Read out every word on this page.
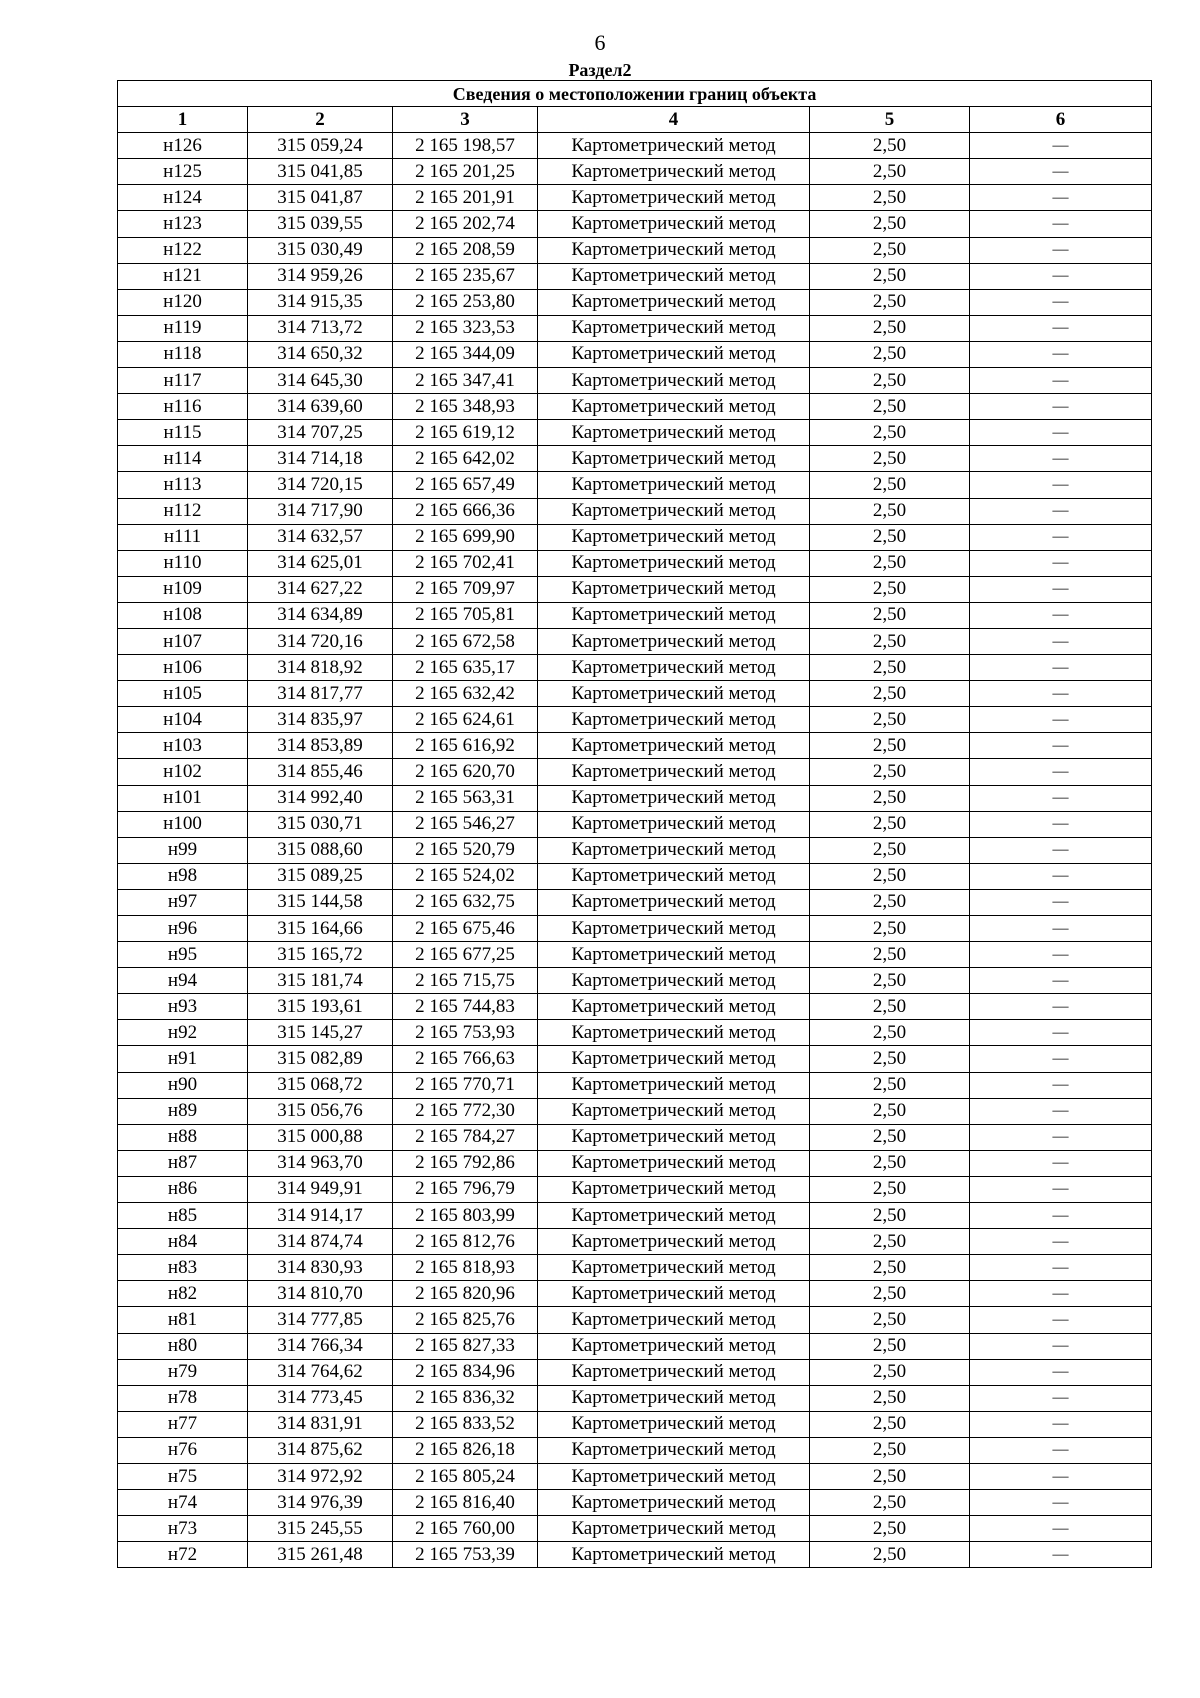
6
Раздел2
Сведения о местоположении границ объекта					
1	2	3	4	5	6
н126	315 059,24	2 165 198,57	Картометрический метод	2,50	—
н125	315 041,85	2 165 201,25	Картометрический метод	2,50	—
н124	315 041,87	2 165 201,91	Картометрический метод	2,50	—
н123	315 039,55	2 165 202,74	Картометрический метод	2,50	—
н122	315 030,49	2 165 208,59	Картометрический метод	2,50	—
н121	314 959,26	2 165 235,67	Картометрический метод	2,50	—
н120	314 915,35	2 165 253,80	Картометрический метод	2,50	—
н119	314 713,72	2 165 323,53	Картометрический метод	2,50	—
н118	314 650,32	2 165 344,09	Картометрический метод	2,50	—
н117	314 645,30	2 165 347,41	Картометрический метод	2,50	—
н116	314 639,60	2 165 348,93	Картометрический метод	2,50	—
н115	314 707,25	2 165 619,12	Картометрический метод	2,50	—
н114	314 714,18	2 165 642,02	Картометрический метод	2,50	—
н113	314 720,15	2 165 657,49	Картометрический метод	2,50	—
н112	314 717,90	2 165 666,36	Картометрический метод	2,50	—
н111	314 632,57	2 165 699,90	Картометрический метод	2,50	—
н110	314 625,01	2 165 702,41	Картометрический метод	2,50	—
н109	314 627,22	2 165 709,97	Картометрический метод	2,50	—
н108	314 634,89	2 165 705,81	Картометрический метод	2,50	—
н107	314 720,16	2 165 672,58	Картометрический метод	2,50	—
н106	314 818,92	2 165 635,17	Картометрический метод	2,50	—
н105	314 817,77	2 165 632,42	Картометрический метод	2,50	—
н104	314 835,97	2 165 624,61	Картометрический метод	2,50	—
н103	314 853,89	2 165 616,92	Картометрический метод	2,50	—
н102	314 855,46	2 165 620,70	Картометрический метод	2,50	—
н101	314 992,40	2 165 563,31	Картометрический метод	2,50	—
н100	315 030,71	2 165 546,27	Картометрический метод	2,50	—
н99	315 088,60	2 165 520,79	Картометрический метод	2,50	—
н98	315 089,25	2 165 524,02	Картометрический метод	2,50	—
н97	315 144,58	2 165 632,75	Картометрический метод	2,50	—
н96	315 164,66	2 165 675,46	Картометрический метод	2,50	—
н95	315 165,72	2 165 677,25	Картометрический метод	2,50	—
н94	315 181,74	2 165 715,75	Картометрический метод	2,50	—
н93	315 193,61	2 165 744,83	Картометрический метод	2,50	—
н92	315 145,27	2 165 753,93	Картометрический метод	2,50	—
н91	315 082,89	2 165 766,63	Картометрический метод	2,50	—
н90	315 068,72	2 165 770,71	Картометрический метод	2,50	—
н89	315 056,76	2 165 772,30	Картометрический метод	2,50	—
н88	315 000,88	2 165 784,27	Картометрический метод	2,50	—
н87	314 963,70	2 165 792,86	Картометрический метод	2,50	—
н86	314 949,91	2 165 796,79	Картометрический метод	2,50	—
н85	314 914,17	2 165 803,99	Картометрический метод	2,50	—
н84	314 874,74	2 165 812,76	Картометрический метод	2,50	—
н83	314 830,93	2 165 818,93	Картометрический метод	2,50	—
н82	314 810,70	2 165 820,96	Картометрический метод	2,50	—
н81	314 777,85	2 165 825,76	Картометрический метод	2,50	—
н80	314 766,34	2 165 827,33	Картометрический метод	2,50	—
н79	314 764,62	2 165 834,96	Картометрический метод	2,50	—
н78	314 773,45	2 165 836,32	Картометрический метод	2,50	—
н77	314 831,91	2 165 833,52	Картометрический метод	2,50	—
н76	314 875,62	2 165 826,18	Картометрический метод	2,50	—
н75	314 972,92	2 165 805,24	Картометрический метод	2,50	—
н74	314 976,39	2 165 816,40	Картометрический метод	2,50	—
н73	315 245,55	2 165 760,00	Картометрический метод	2,50	—
н72	315 261,48	2 165 753,39	Картометрический метод	2,50	—
